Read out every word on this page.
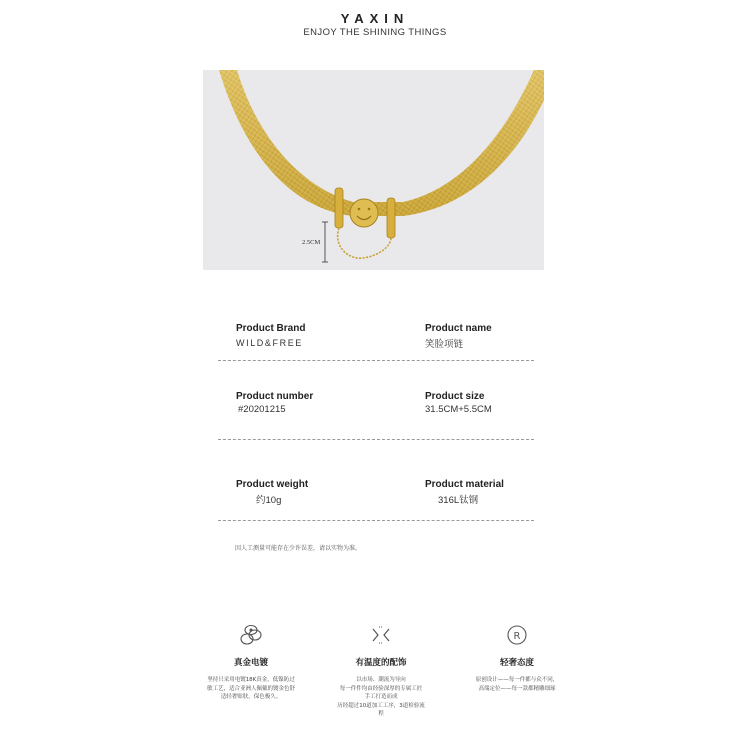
YAXIN
ENJOY THE SHINING THINGS
2.5CM
Product Brand
WILD&FREE
Product name
笑脸项链
Product number
#20201215
Product size
31.5CM+5.5CM
Product weight
约10g
Product material
316L钛钢
因人工测量可能存在少许误差，请以实物为准。
真金电镀
坚持只采用电镀18K真金，低镍防过
敏工艺，适合亚洲人佩戴的镀金色舒
适轻奢贴肤，保色极久。
有温度的配饰
以市场、潮流为导向
每一件件均由经验深厚的专属工匠
手工打造而成
历经超过10道加工工序，3道检验流
程
R
轻奢态度
原创设计——每一件都与众不同，
高端定位——每一款都精雕细琢
